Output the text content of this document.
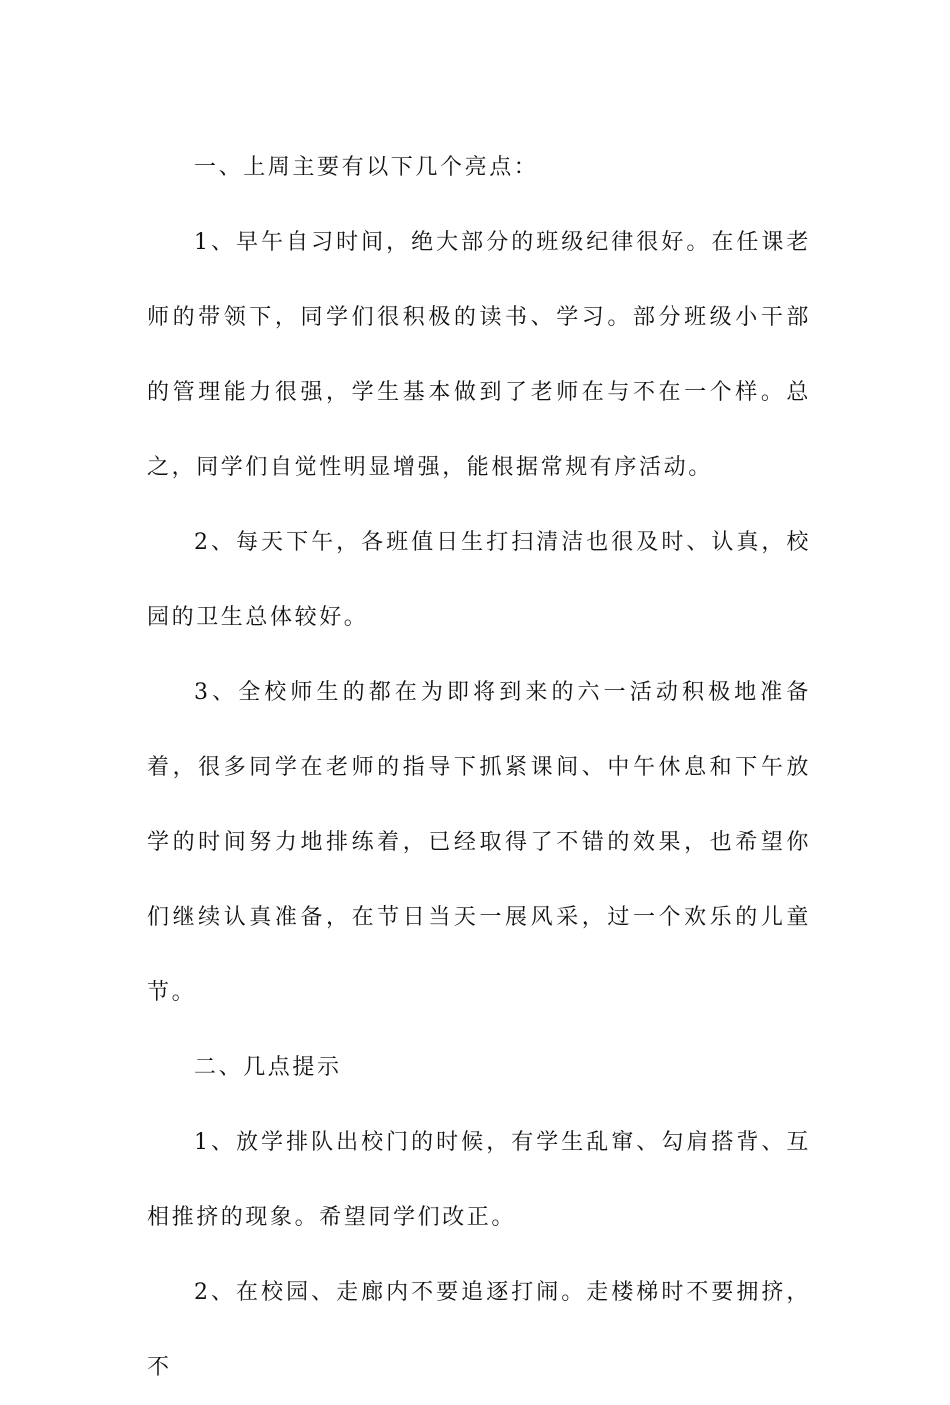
一、上周主要有以下几个亮点：

1、早午自习时间，绝大部分的班级纪律很好。在任课老师的带领下，同学们很积极的读书、学习。部分班级小干部的管理能力很强，学生基本做到了老师在与不在一个样。总之，同学们自觉性明显增强，能根据常规有序活动。

2、每天下午，各班值日生打扫清洁也很及时、认真，校园的卫生总体较好。

3、全校师生的都在为即将到来的六一活动积极地准备着，很多同学在老师的指导下抓紧课间、中午休息和下午放学的时间努力地排练着，已经取得了不错的效果，也希望你们继续认真准备，在节日当天一展风采，过一个欢乐的儿童节。

二、几点提示

1、放学排队出校门的时候，有学生乱窜、勾肩搭背、互相推挤的现象。希望同学们改正。

2、在校园、走廊内不要追逐打闹。走楼梯时不要拥挤，不
